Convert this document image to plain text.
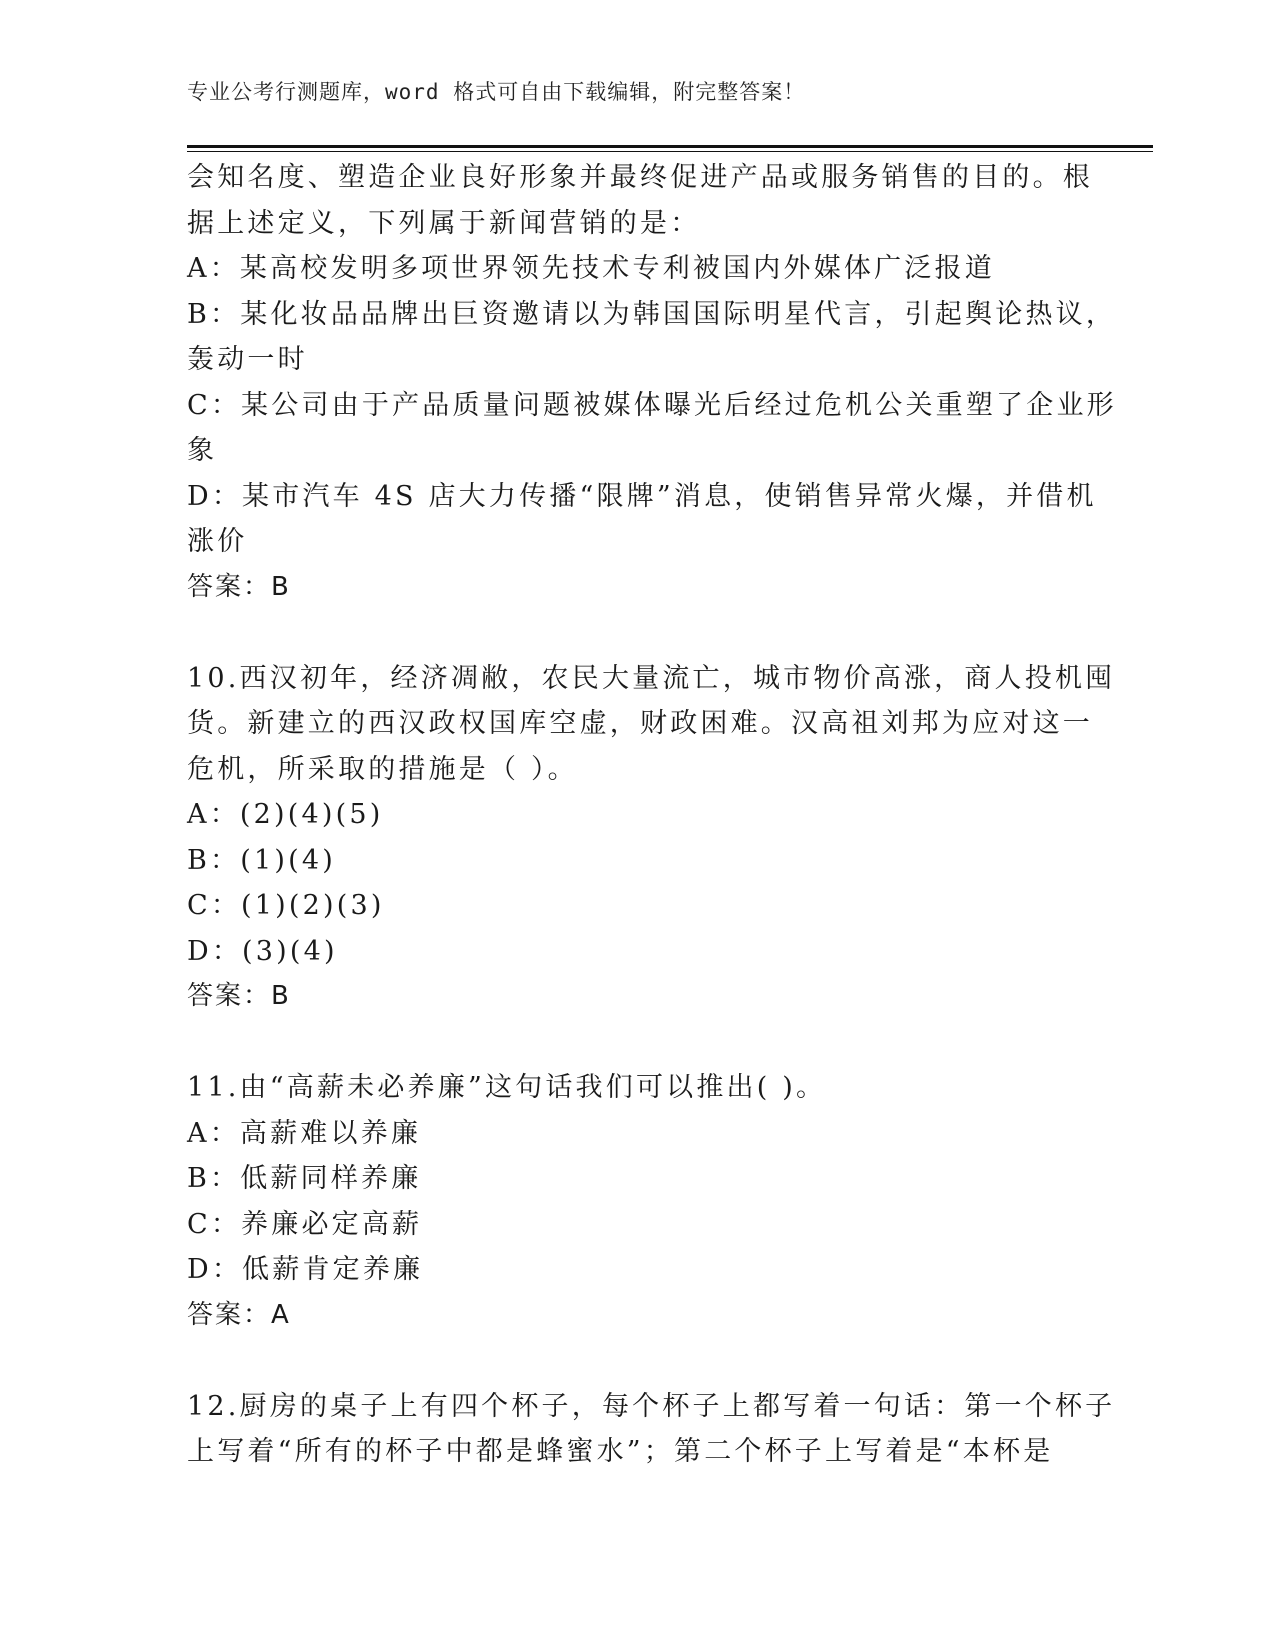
专业公考行测题库，word 格式可自由下载编辑，附完整答案！
会知名度、塑造企业良好形象并最终促进产品或服务销售的目的。根
据上述定义，下列属于新闻营销的是：
A：某高校发明多项世界领先技术专利被国内外媒体广泛报道
B：某化妆品品牌出巨资邀请以为韩国国际明星代言，引起舆论热议，
轰动一时
C：某公司由于产品质量问题被媒体曝光后经过危机公关重塑了企业形
象
D：某市汽车 4S 店大力传播“限牌”消息，使销售异常火爆，并借机
涨价
答案：B
10.西汉初年，经济凋敝，农民大量流亡，城市物价高涨，商人投机囤
货。新建立的西汉政权国库空虚，财政困难。汉高祖刘邦为应对这一
危机，所采取的措施是（ ）。
A：(2)(4)(5)
B：(1)(4)
C：(1)(2)(3)
D：(3)(4)
答案：B
11.由“高薪未必养廉”这句话我们可以推出( )。
A：高薪难以养廉
B：低薪同样养廉
C：养廉必定高薪
D：低薪肯定养廉
答案：A
12.厨房的桌子上有四个杯子，每个杯子上都写着一句话：第一个杯子
上写着“所有的杯子中都是蜂蜜水”；第二个杯子上写着是“本杯是
